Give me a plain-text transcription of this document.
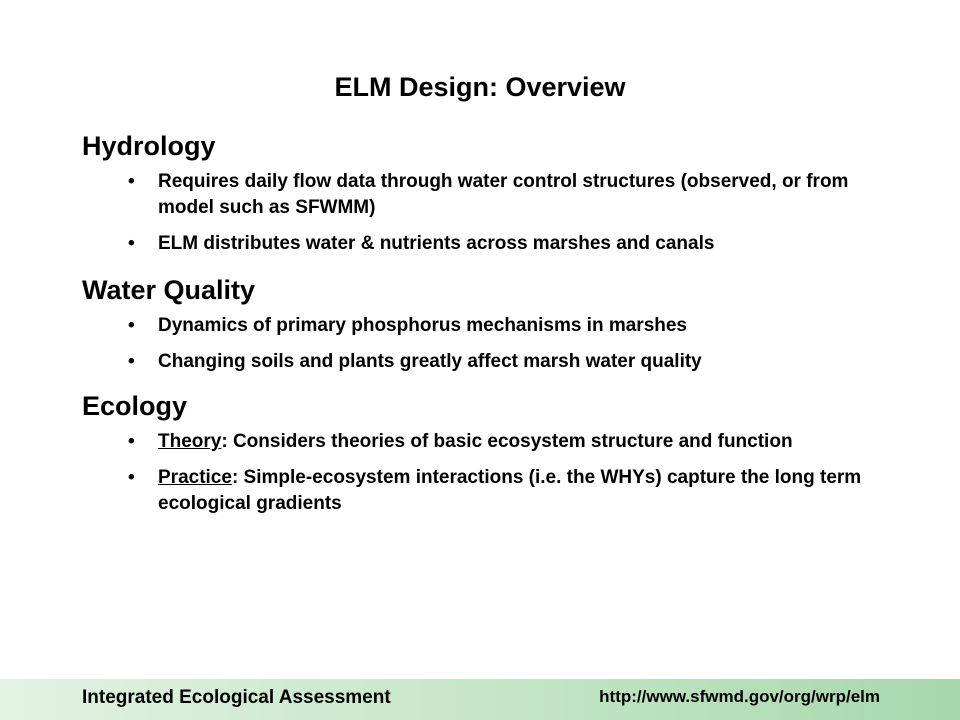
ELM Design: Overview
Hydrology
• Requires daily flow data through water control structures (observed, or from model such as SFWMM)
• ELM distributes water & nutrients across marshes and canals
Water Quality
• Dynamics of primary phosphorus mechanisms in marshes
• Changing soils and plants greatly affect marsh water quality
Ecology
• Theory: Considers theories of basic ecosystem structure and function
• Practice: Simple-ecosystem interactions (i.e. the WHYs) capture the long term ecological gradients
Integrated Ecological Assessment	http://www.sfwmd.gov/org/wrp/elm
